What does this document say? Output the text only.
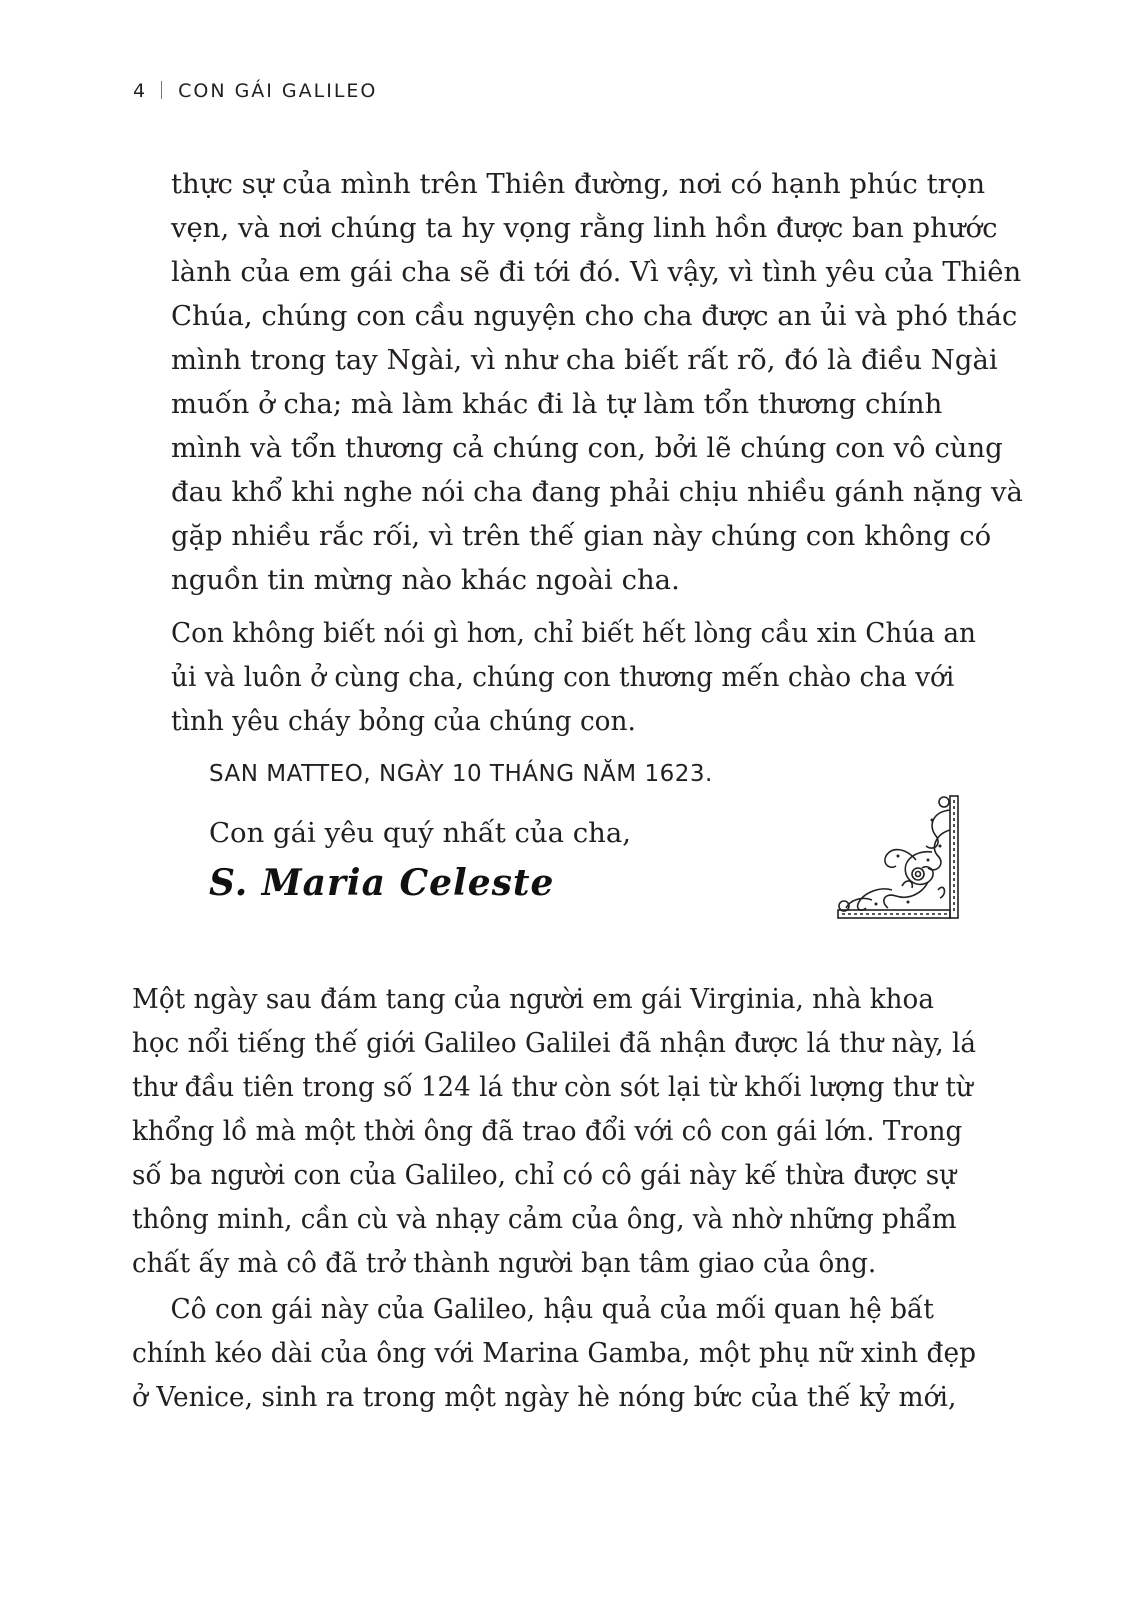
4 CON GÁI GALILEO
thực sự của mình trên Thiên đường, nơi có hạnh phúc trọn
vẹn, và nơi chúng ta hy vọng rằng linh hồn được ban phước
lành của em gái cha sẽ đi tới đó. Vì vậy, vì tình yêu của Thiên
Chúa, chúng con cầu nguyện cho cha được an ủi và phó thác
mình trong tay Ngài, vì như cha biết rất rõ, đó là điều Ngài
muốn ở cha; mà làm khác đi là tự làm tổn thương chính
mình và tổn thương cả chúng con, bởi lẽ chúng con vô cùng
đau khổ khi nghe nói cha đang phải chịu nhiều gánh nặng và
gặp nhiều rắc rối, vì trên thế gian này chúng con không có
nguồn tin mừng nào khác ngoài cha.
Con không biết nói gì hơn, chỉ biết hết lòng cầu xin Chúa an
ủi và luôn ở cùng cha, chúng con thương mến chào cha với
tình yêu cháy bỏng của chúng con.

SAN MATTEO, NGÀY 10 THÁNG NĂM 1623.
Con gái yêu quý nhất của cha,
S. Maria Celeste
Một ngày sau đám tang của người em gái Virginia, nhà khoa
học nổi tiếng thế giới Galileo Galilei đã nhận được lá thư này, lá
thư đầu tiên trong số 124 lá thư còn sót lại từ khối lượng thư từ
khổng lồ mà một thời ông đã trao đổi với cô con gái lớn. Trong
số ba người con của Galileo, chỉ có cô gái này kế thừa được sự
thông minh, cần cù và nhạy cảm của ông, và nhờ những phẩm
chất ấy mà cô đã trở thành người bạn tâm giao của ông.

Cô con gái này của Galileo, hậu quả của mối quan hệ bất
chính kéo dài của ông với Marina Gamba, một phụ nữ xinh đẹp
ở Venice, sinh ra trong một ngày hè nóng bức của thế kỷ mới,
